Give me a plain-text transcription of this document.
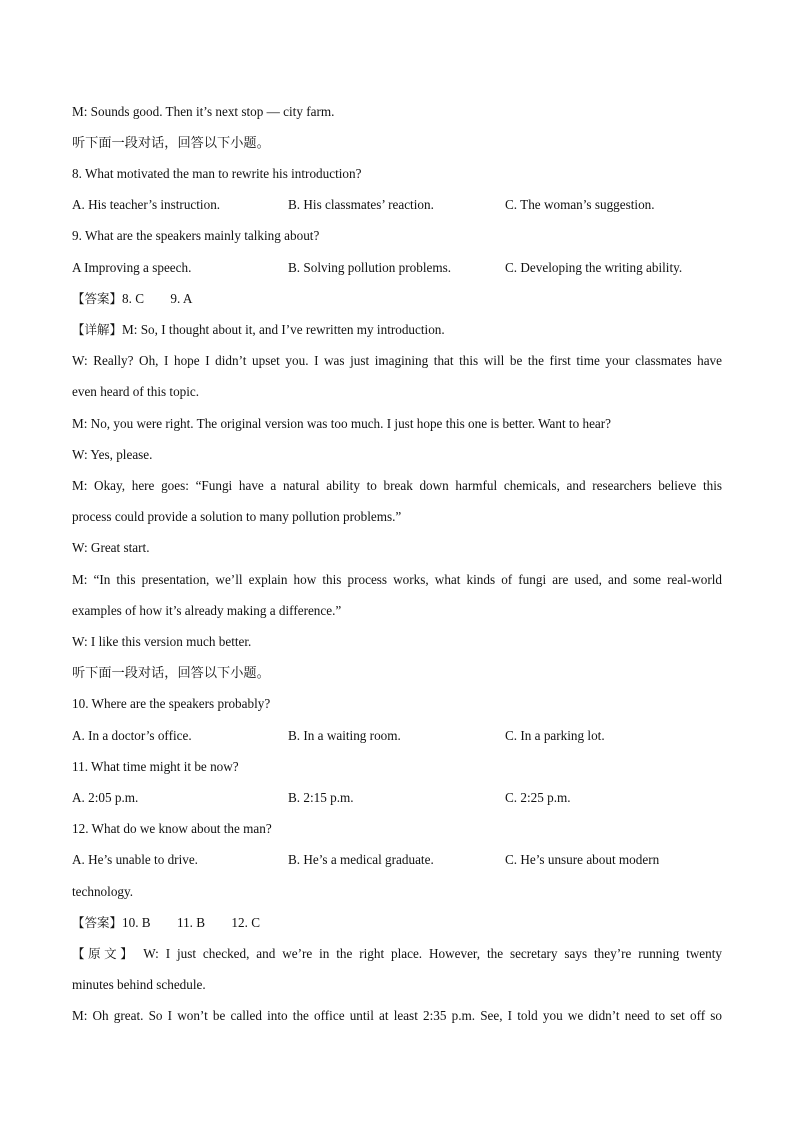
M: Sounds good. Then it’s next stop — city farm.
听下面一段对话，回答以下小题。
8. What motivated the man to rewrite his introduction?
A. His teacher’s instruction.	B. His classmates’ reaction.	C. The woman’s suggestion.
9. What are the speakers mainly talking about?
A Improving a speech.	B. Solving pollution problems.	C. Developing the writing ability.
【答案】8. C        9. A
【详解】M: So, I thought about it, and I’ve rewritten my introduction.
W: Really? Oh, I hope I didn’t upset you. I was just imagining that this will be the first time your classmates have
even heard of this topic.
M: No, you were right. The original version was too much. I just hope this one is better. Want to hear?
W: Yes, please.
M: Okay, here goes: “Fungi have a natural ability to break down harmful chemicals, and researchers believe this
process could provide a solution to many pollution problems.”
W: Great start.
M: “In this presentation, we’ll explain how this process works, what kinds of fungi are used, and some real-world
examples of how it’s already making a difference.”
W: I like this version much better.
听下面一段对话，回答以下小题。
10. Where are the speakers probably?
A. In a doctor’s office.	B. In a waiting room.	C. In a parking lot.
11. What time might it be now?
A. 2:05 p.m.	B. 2:15 p.m.	C. 2:25 p.m.
12. What do we know about the man?
A. He’s unable to drive.	B. He’s a medical graduate.	C. He’s unsure about modern
technology.
【答案】10. B        11. B        12. C
【原文】 W: I just checked, and we’re in the right place. However, the secretary says they’re running twenty
minutes behind schedule.
M: Oh great. So I won’t be called into the office until at least 2:35 p.m. See, I told you we didn’t need to set off so
